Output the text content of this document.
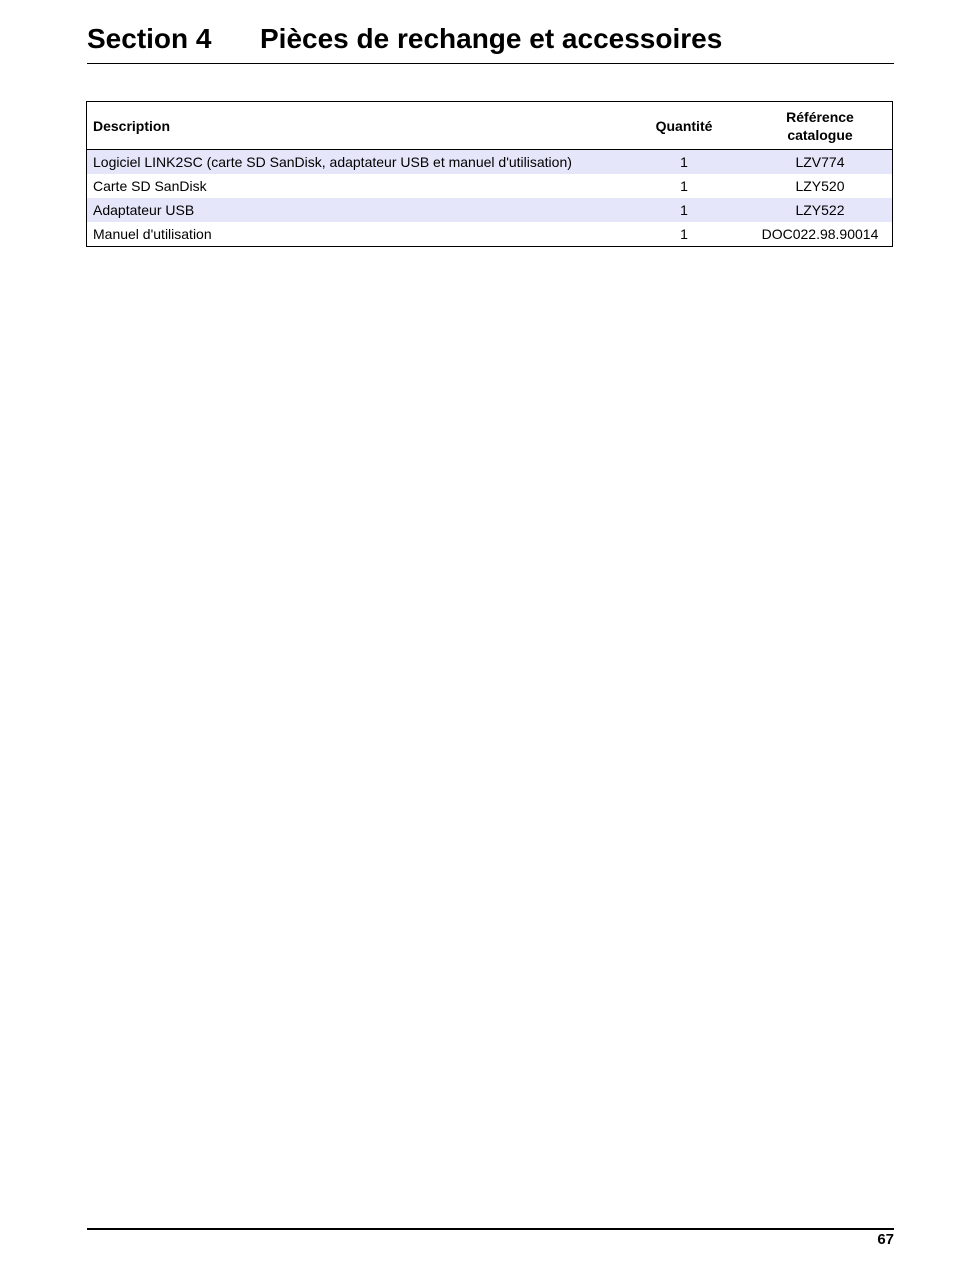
Section 4 Pièces de rechange et accessoires
Description	Quantité	Référence
catalogue
Logiciel LINK2SC (carte SD SanDisk, adaptateur USB et manuel d'utilisation)	1	LZV774
Carte SD SanDisk	1	LZY520
Adaptateur USB	1	LZY522
Manuel d'utilisation	1	DOC022.98.90014
67
